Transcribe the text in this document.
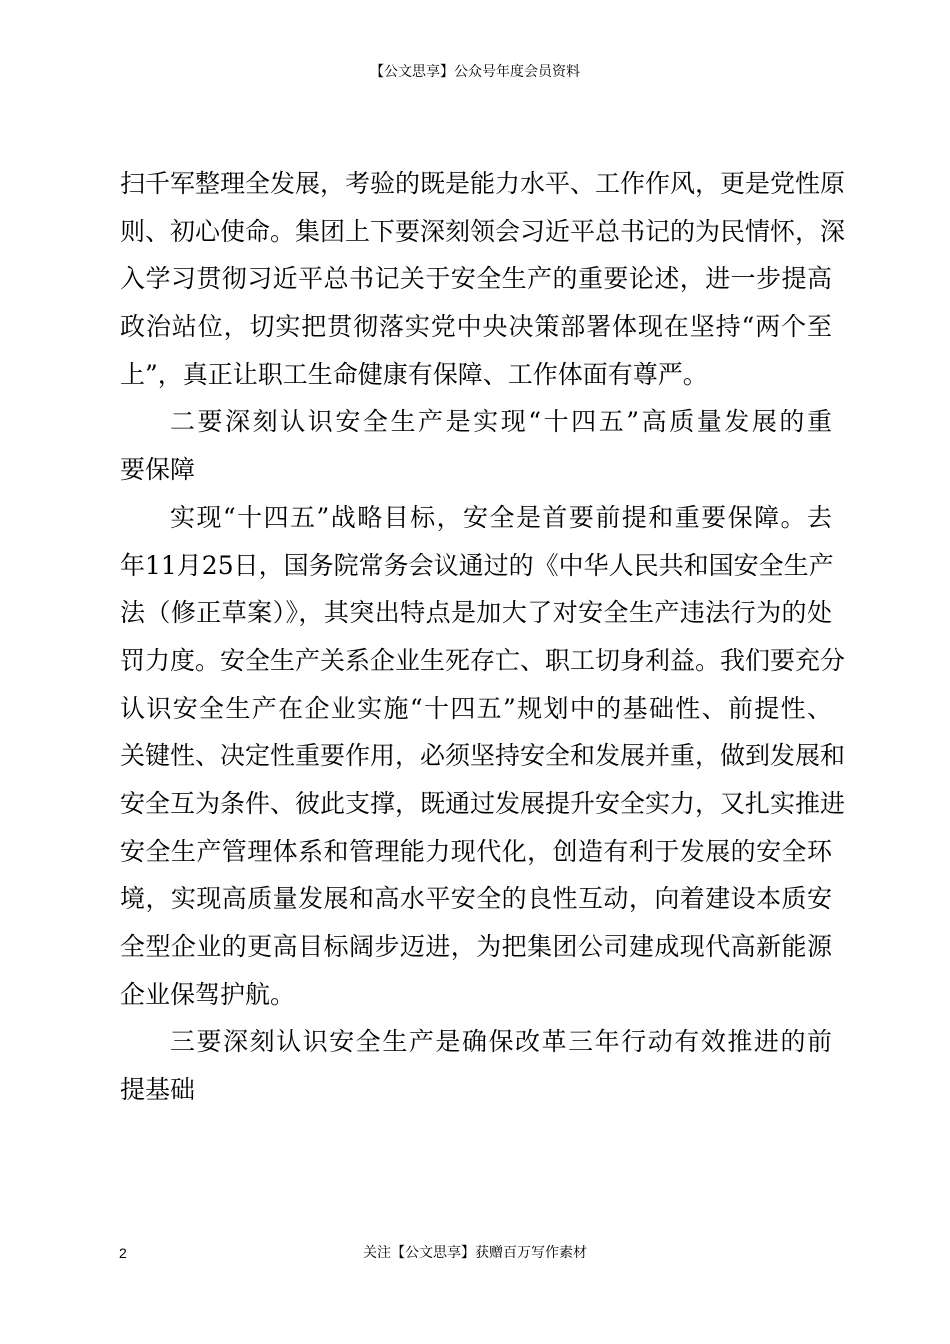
【公文思享】公众号年度会员资料
扫千军整理全发展，考验的既是能力水平、工作作风，更是党性原
则、初心使命。集团上下要深刻领会习近平总书记的为民情怀，深
入学习贯彻习近平总书记关于安全生产的重要论述，进一步提高
政治站位，切实把贯彻落实党中央决策部署体现在坚持“两个至
上”，真正让职工生命健康有保障、工作体面有尊严。
二要深刻认识安全生产是实现“十四五”高质量发展的重
要保障
实现“十四五”战略目标，安全是首要前提和重要保障。去
年11月25日，国务院常务会议通过的《中华人民共和国安全生产
法（修正草案）》，其突出特点是加大了对安全生产违法行为的处
罚力度。安全生产关系企业生死存亡、职工切身利益。我们要充分
认识安全生产在企业实施“十四五”规划中的基础性、前提性、
关键性、决定性重要作用，必须坚持安全和发展并重，做到发展和
安全互为条件、彼此支撑，既通过发展提升安全实力，又扎实推进
安全生产管理体系和管理能力现代化，创造有利于发展的安全环
境，实现高质量发展和高水平安全的良性互动，向着建设本质安
全型企业的更高目标阔步迈进，为把集团公司建成现代高新能源
企业保驾护航。
三要深刻认识安全生产是确保改革三年行动有效推进的前
提基础
2	关注【公文思享】获赠百万写作素材
